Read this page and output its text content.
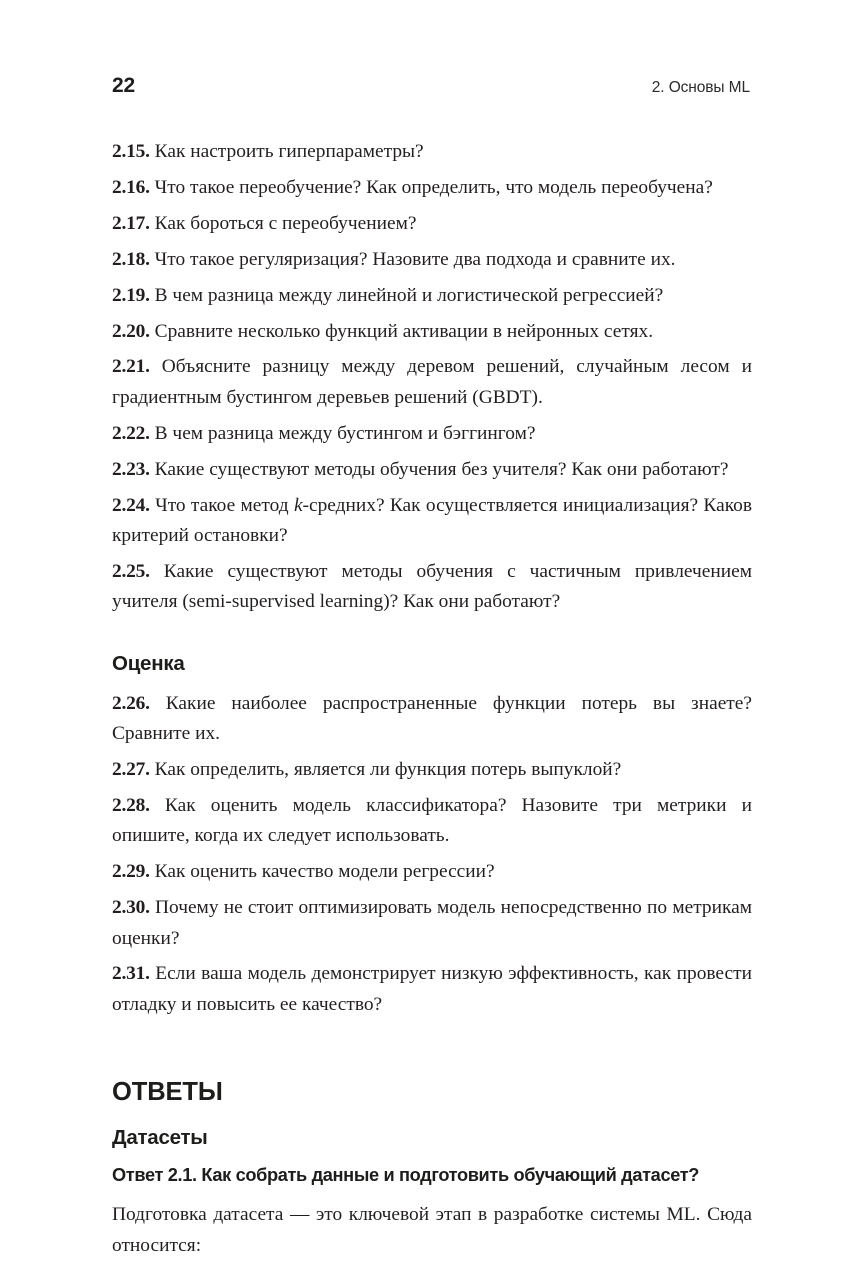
22	2. Основы ML

2.15. Как настроить гиперпараметры?

2.16. Что такое переобучение? Как определить, что модель переобучена?

2.17. Как бороться с переобучением?

2.18. Что такое регуляризация? Назовите два подхода и сравните их.

2.19. В чем разница между линейной и логистической регрессией?

2.20. Сравните несколько функций активации в нейронных сетях.

2.21. Объясните разницу между деревом решений, случайным лесом и градиентным бустингом деревьев решений (GBDT).

2.22. В чем разница между бустингом и бэггингом?

2.23. Какие существуют методы обучения без учителя? Как они работают?

2.24. Что такое метод k-средних? Как осуществляется инициализация? Каков критерий остановки?

2.25. Какие существуют методы обучения с частичным привлечением учителя (semi-supervised learning)? Как они работают?

Оценка

2.26. Какие наиболее распространенные функции потерь вы знаете? Сравните их.

2.27. Как определить, является ли функция потерь выпуклой?

2.28. Как оценить модель классификатора? Назовите три метрики и опишите, когда их следует использовать.

2.29. Как оценить качество модели регрессии?

2.30. Почему не стоит оптимизировать модель непосредственно по метрикам оценки?

2.31. Если ваша модель демонстрирует низкую эффективность, как провести отладку и повысить ее качество?

ОТВЕТЫ
Датасеты
Ответ 2.1. Как собрать данные и подготовить обучающий датасет?

Подготовка датасета — это ключевой этап в разработке системы ML. Сюда относится:
